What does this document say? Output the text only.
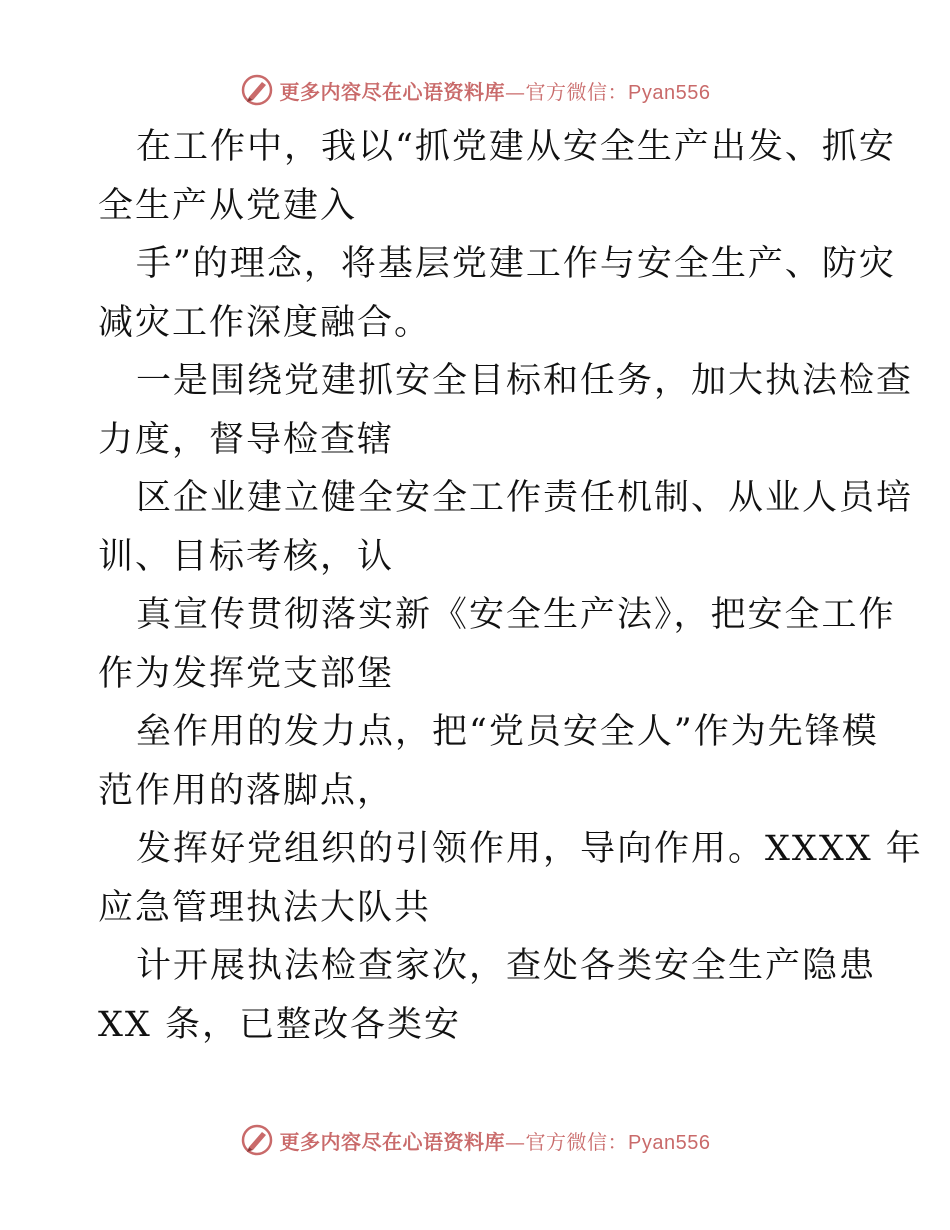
更多内容尽在心语资料库—官方微信：Pyan556
在工作中，我以“抓党建从安全生产出发、抓安
全生产从党建入
手”的理念，将基层党建工作与安全生产、防灾
减灾工作深度融合。
一是围绕党建抓安全目标和任务，加大执法检查
力度，督导检查辖
区企业建立健全安全工作责任机制、从业人员培
训、目标考核，认
真宣传贯彻落实新《安全生产法》，把安全工作
作为发挥党支部堡
垒作用的发力点，把“党员安全人”作为先锋模
范作用的落脚点，
发挥好党组织的引领作用，导向作用。XXXX 年
应急管理执法大队共
计开展执法检查家次，查处各类安全生产隐患
XX 条，已整改各类安
更多内容尽在心语资料库—官方微信：Pyan556
